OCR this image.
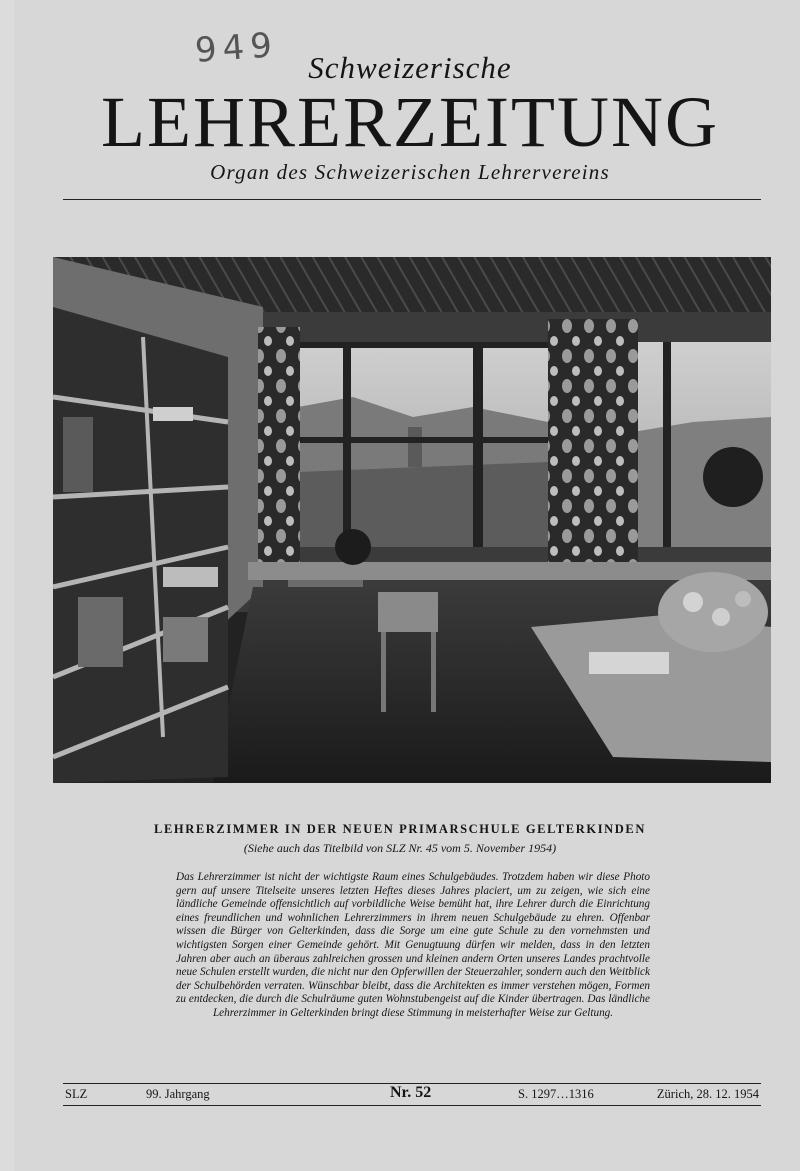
949 Schweizerische
LEHRERZEITUNG
Organ des Schweizerischen Lehrervereins
LEHRERZIMMER IN DER NEUEN PRIMARSCHULE GELTERKINDEN
(Siehe auch das Titelbild von SLZ Nr. 45 vom 5. November 1954)
Das Lehrerzimmer ist nicht der wichtigste Raum eines Schulgebäudes. Trotzdem haben wir diese Photo gern auf unsere Titelseite unseres letzten Heftes dieses Jahres placiert, um zu zeigen, wie sich eine ländliche Gemeinde offensichtlich auf vorbildliche Weise bemüht hat, ihre Lehrer durch die Einrichtung eines freundlichen und wohnlichen Lehrerzimmers in ihrem neuen Schulgebäude zu ehren. Offenbar wissen die Bürger von Gelterkinden, dass die Sorge um eine gute Schule zu den vornehmsten und wichtigsten Sorgen einer Gemeinde gehört. Mit Genugtuung dürfen wir melden, dass in den letzten Jahren aber auch an überaus zahlreichen grossen und kleinen andern Orten unseres Landes prachtvolle neue Schulen erstellt wurden, die nicht nur den Opferwillen der Steuerzahler, sondern auch den Weitblick der Schulbehörden verraten. Wünschbar bleibt, dass die Architekten es immer verstehen mögen, Formen zu entdecken, die durch die Schulräume guten Wohnstubengeist auf die Kinder übertragen. Das ländliche Lehrerzimmer in Gelterkinden bringt diese Stimmung in meisterhafter Weise zur Geltung.
SLZ	99. Jahrgang	Nr. 52	S. 1297…1316	Zürich, 28. 12. 1954
